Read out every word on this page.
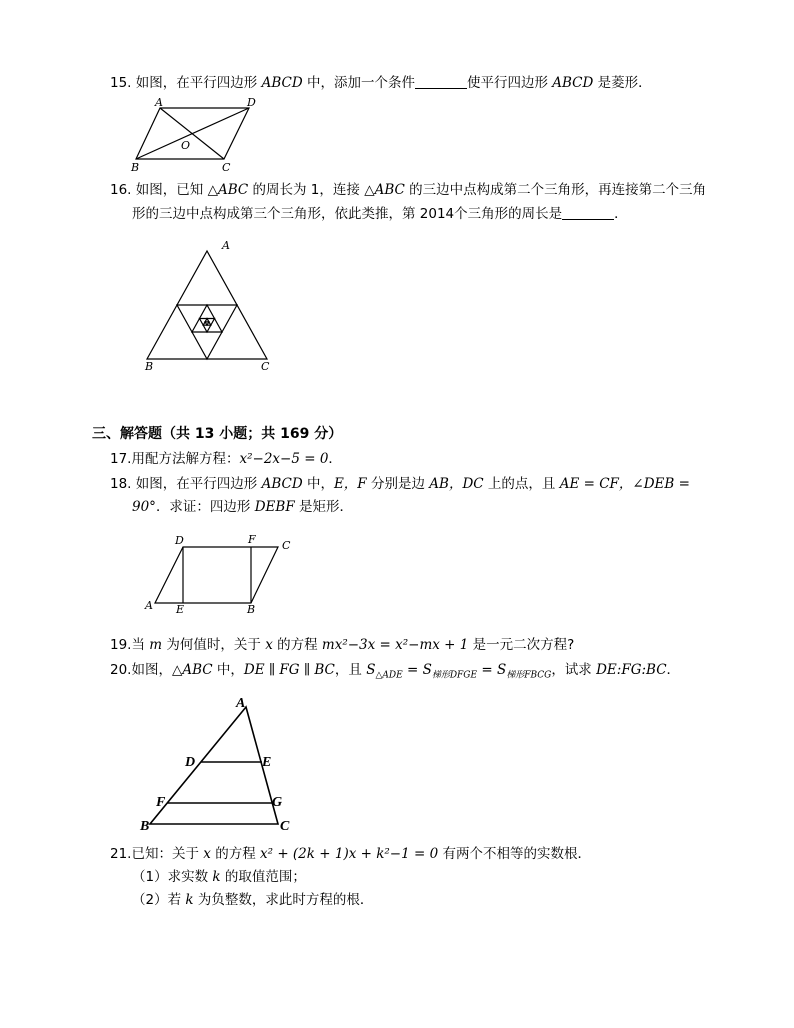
15. 如图，在平行四边形 ABCD 中，添加一个条件	使平行四边形 ABCD 是菱形．
A	D
B	C
O
A
B	C
D	F C
A E	B
A
D	E
F	G
B	C
16. 如图，已知 △ABC 的周长为 1，连接 △ABC 的三边中点构成第二个三角形，再连接第二个三角
形的三边中点构成第三个三角形，依此类推，第 2014个三角形的周长是	．
三、解答题（共 13 小题；共 169 分）
17.用配方法解方程：x²−2x−5 = 0．
18. 如图，在平行四边形 ABCD 中，E，F 分别是边 AB，DC 上的点，且 AE = CF，∠DEB =
90°．求证：四边形 DEBF 是矩形．
19.当 m 为何值时，关于 x 的方程 mx²−3x = x²−mx + 1 是一元二次方程?
20.如图，△ABC 中，DE ∥ FG ∥ BC，且 $S_{\triangle ADE} = S_{梯形DFGE} = S_{梯形FBCG}$，试求 DE:FG:BC．
21.已知：关于 x 的方程 x² + (2k + 1)x + k²−1 = 0 有两个不相等的实数根．
（1）求实数 k 的取值范围；
（2）若 k 为负整数，求此时方程的根．
